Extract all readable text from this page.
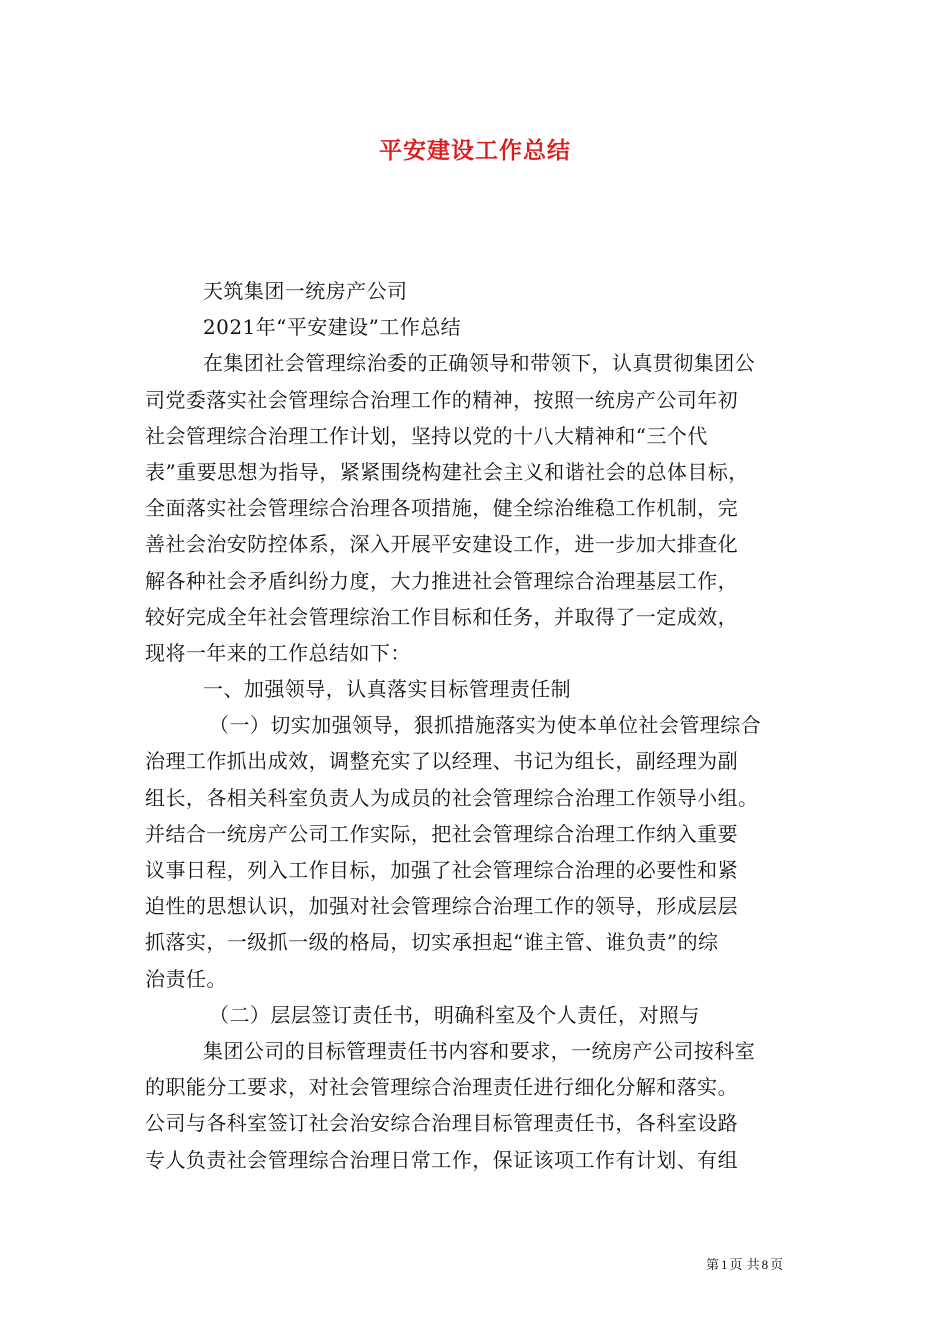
平安建设工作总结
天筑集团一统房产公司
2021年“平安建设”工作总结
在集团社会管理综治委的正确领导和带领下，认真贯彻集团公
司党委落实社会管理综合治理工作的精神，按照一统房产公司年初
社会管理综合治理工作计划，坚持以党的十八大精神和“三个代
表”重要思想为指导，紧紧围绕构建社会主义和谐社会的总体目标，
全面落实社会管理综合治理各项措施，健全综治维稳工作机制，完
善社会治安防控体系，深入开展平安建设工作，进一步加大排查化
解各种社会矛盾纠纷力度，大力推进社会管理综合治理基层工作，
较好完成全年社会管理综治工作目标和任务，并取得了一定成效，
现将一年来的工作总结如下：
一、加强领导，认真落实目标管理责任制
（一）切实加强领导，狠抓措施落实为使本单位社会管理综合
治理工作抓出成效，调整充实了以经理、书记为组长，副经理为副
组长，各相关科室负责人为成员的社会管理综合治理工作领导小组。
并结合一统房产公司工作实际，把社会管理综合治理工作纳入重要
议事日程，列入工作目标，加强了社会管理综合治理的必要性和紧
迫性的思想认识，加强对社会管理综合治理工作的领导，形成层层
抓落实，一级抓一级的格局，切实承担起“谁主管、谁负责”的综
治责任。
（二）层层签订责任书，明确科室及个人责任，对照与
集团公司的目标管理责任书内容和要求，一统房产公司按科室
的职能分工要求，对社会管理综合治理责任进行细化分解和落实。
公司与各科室签订社会治安综合治理目标管理责任书，各科室设路
专人负责社会管理综合治理日常工作，保证该项工作有计划、有组
第 1 页 共 8 页
